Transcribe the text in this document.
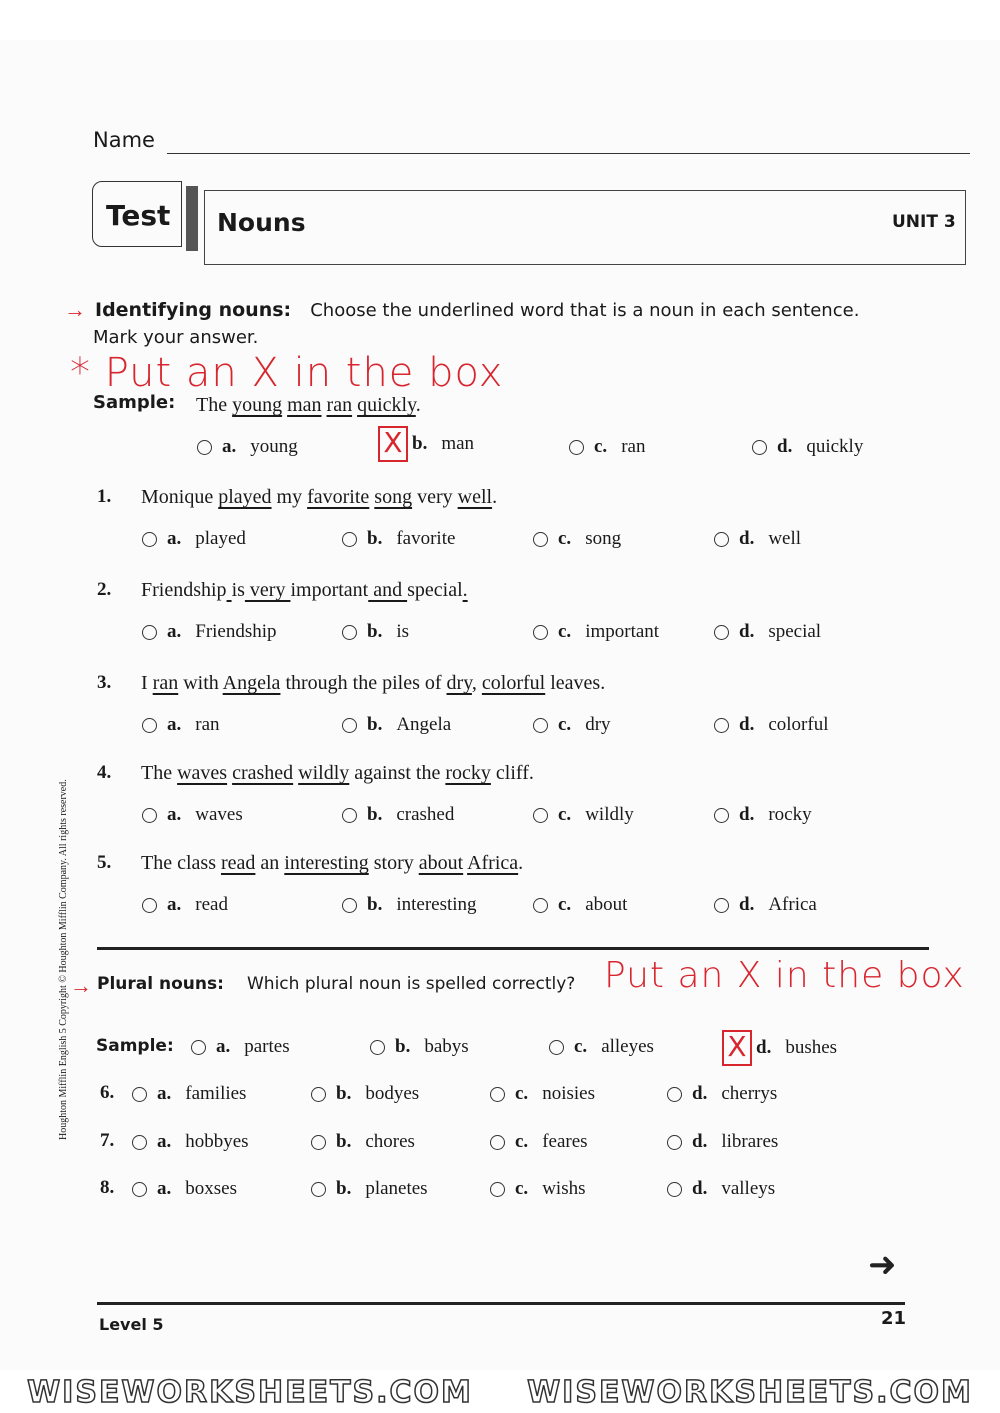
Name
Test Nouns	UNIT 3
→ Identifying nouns: Choose the underlined word that is a noun in each sentence.
Mark your answer.
* Put an X in the box
Sample: The young man ran quickly.
a. young	X b. man	c. ran	d. quickly
1. Monique played my favorite song very well.
a. played	b. favorite	c. song	d. well
2. Friendship is very important and special.
a. Friendship	b. is	c. important	d. special
3. I ran with Angela through the piles of dry, colorful leaves.
a. ran	b. Angela	c. dry	d. colorful
4. The waves crashed wildly against the rocky cliff.
a. waves	b. crashed	c. wildly	d. rocky
5. The class read an interesting story about Africa.
a. read	b. interesting	c. about	d. Africa
→ Plural nouns: Which plural noun is spelled correctly? Put an X in the box
Sample: a. partes	b. babys	c. alleyes	X d. bushes
6. a. families	b. bodyes	c. noisies	d. cherrys
7. a. hobbyes	b. chores	c. feares	d. librares
8. a. boxses	b. planetes	c. wishs	d. valleys
➜
Level 5	21
Houghton Mifflin English 5 Copyright © Houghton Mifflin Company. All rights reserved.
WISEWORKSHEETS.COM WISEWORKSHEETS.COM
